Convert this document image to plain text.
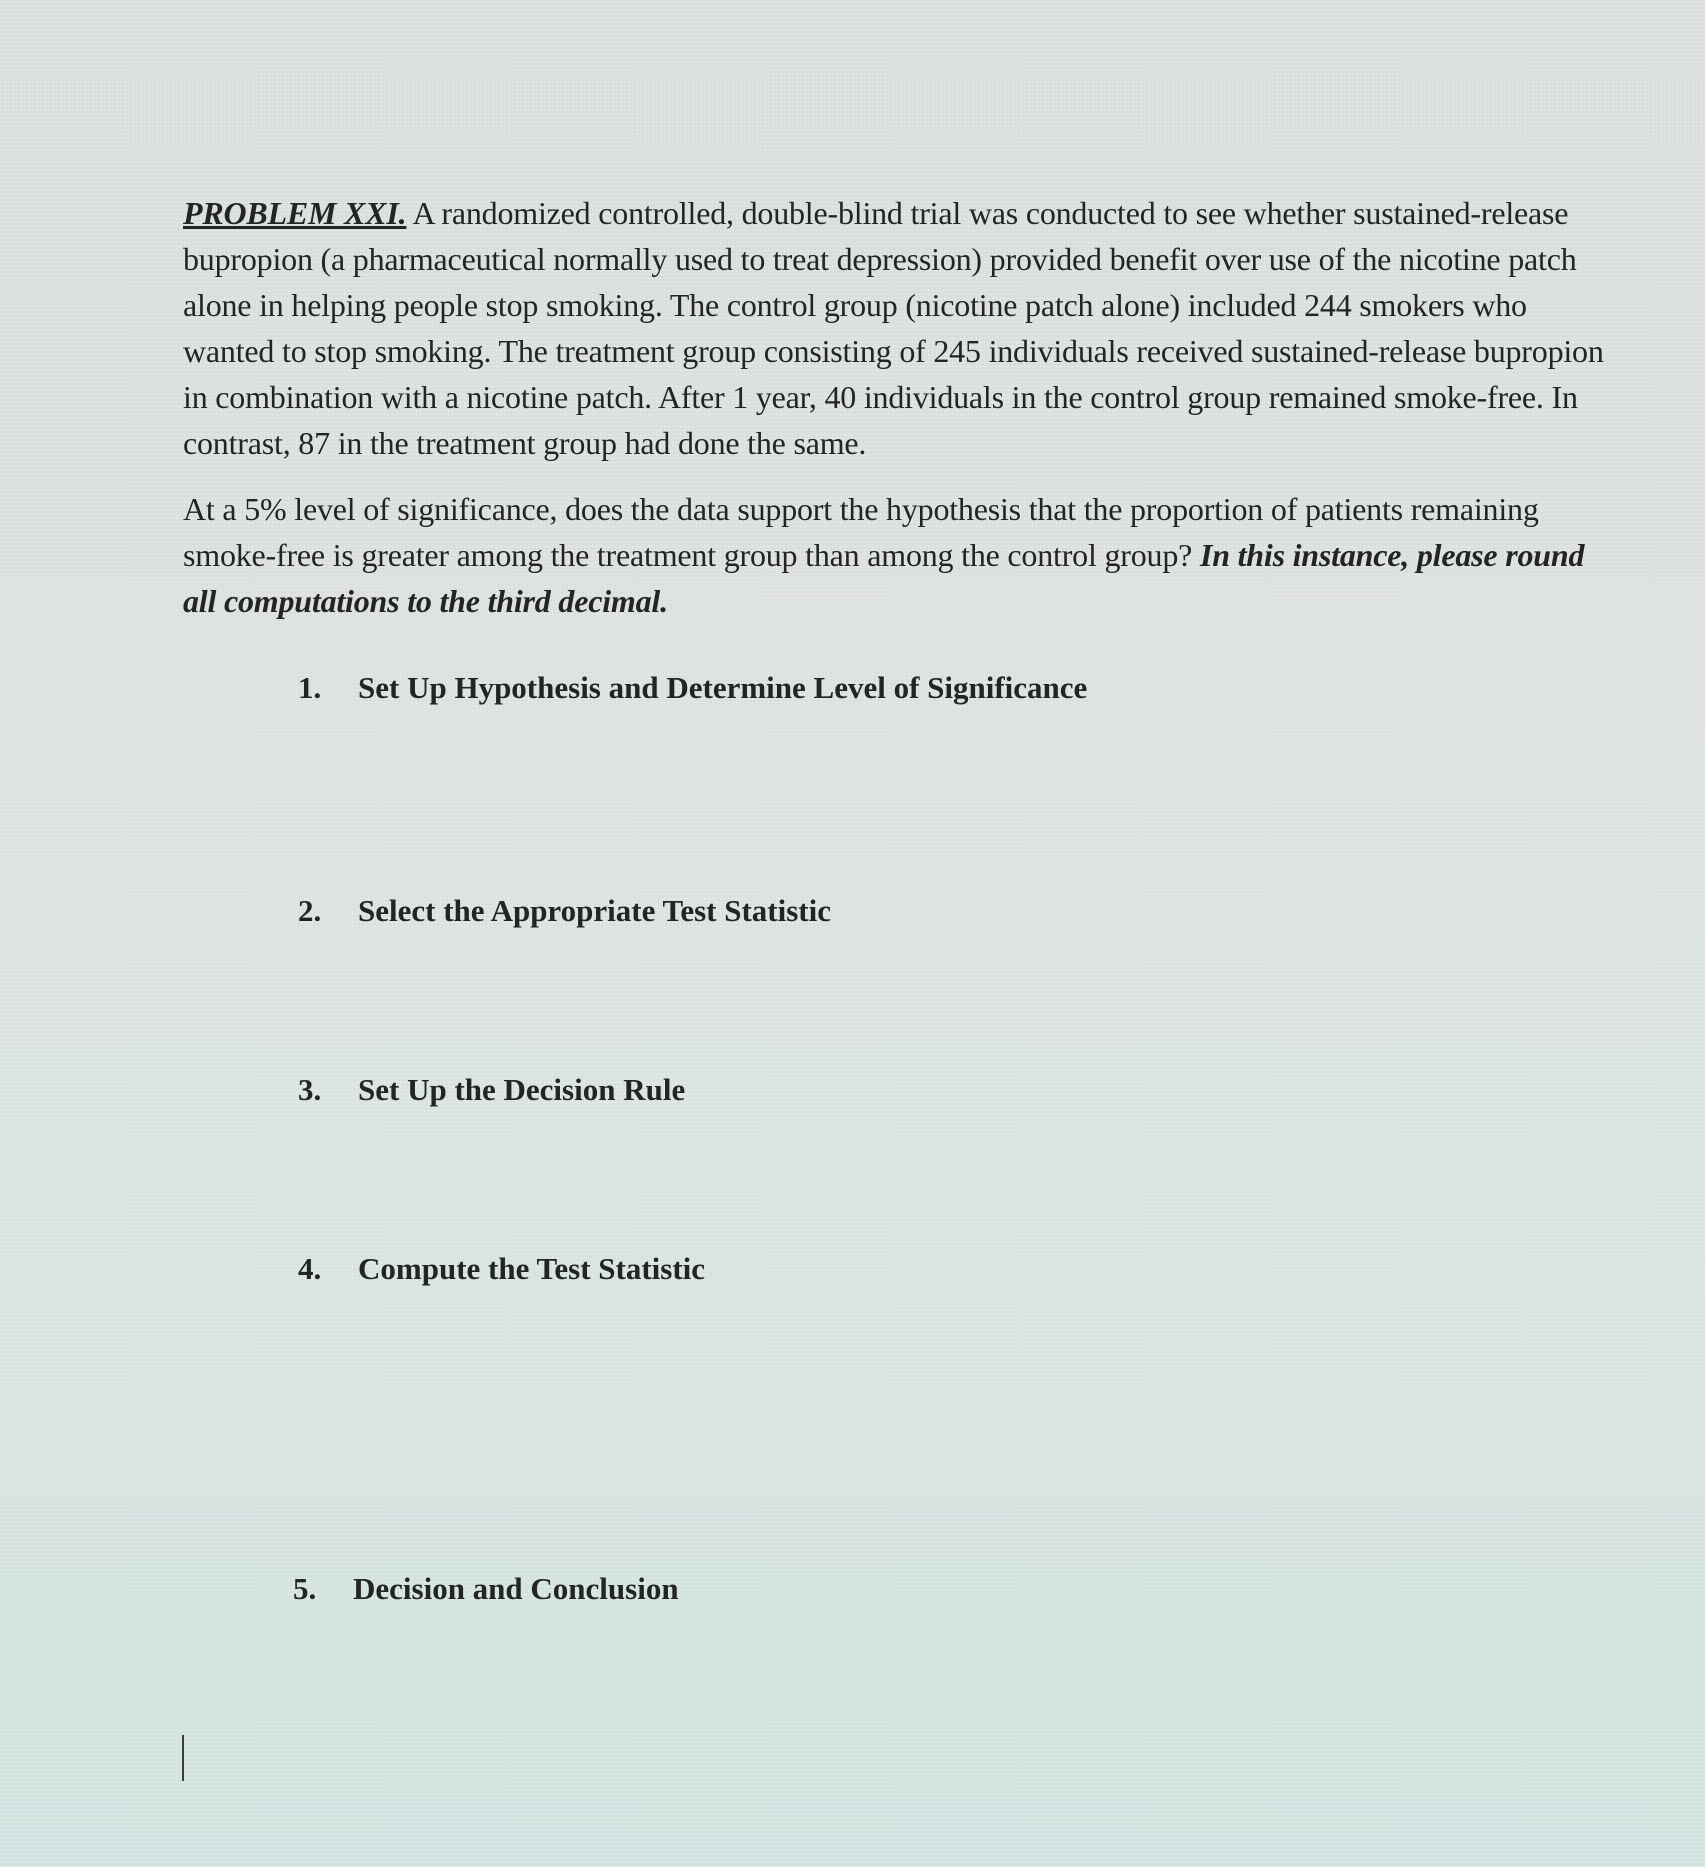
PROBLEM XXI. A randomized controlled, double-blind trial was conducted to see whether sustained-release bupropion (a pharmaceutical normally used to treat depression) provided benefit over use of the nicotine patch alone in helping people stop smoking. The control group (nicotine patch alone) included 244 smokers who wanted to stop smoking. The treatment group consisting of 245 individuals received sustained-release bupropion in combination with a nicotine patch. After 1 year, 40 individuals in the control group remained smoke-free. In contrast, 87 in the treatment group had done the same.

At a 5% level of significance, does the data support the hypothesis that the proportion of patients remaining smoke-free is greater among the treatment group than among the control group? In this instance, please round all computations to the third decimal.

1. Set Up Hypothesis and Determine Level of Significance
2. Select the Appropriate Test Statistic
3. Set Up the Decision Rule
4. Compute the Test Statistic
5. Decision and Conclusion
